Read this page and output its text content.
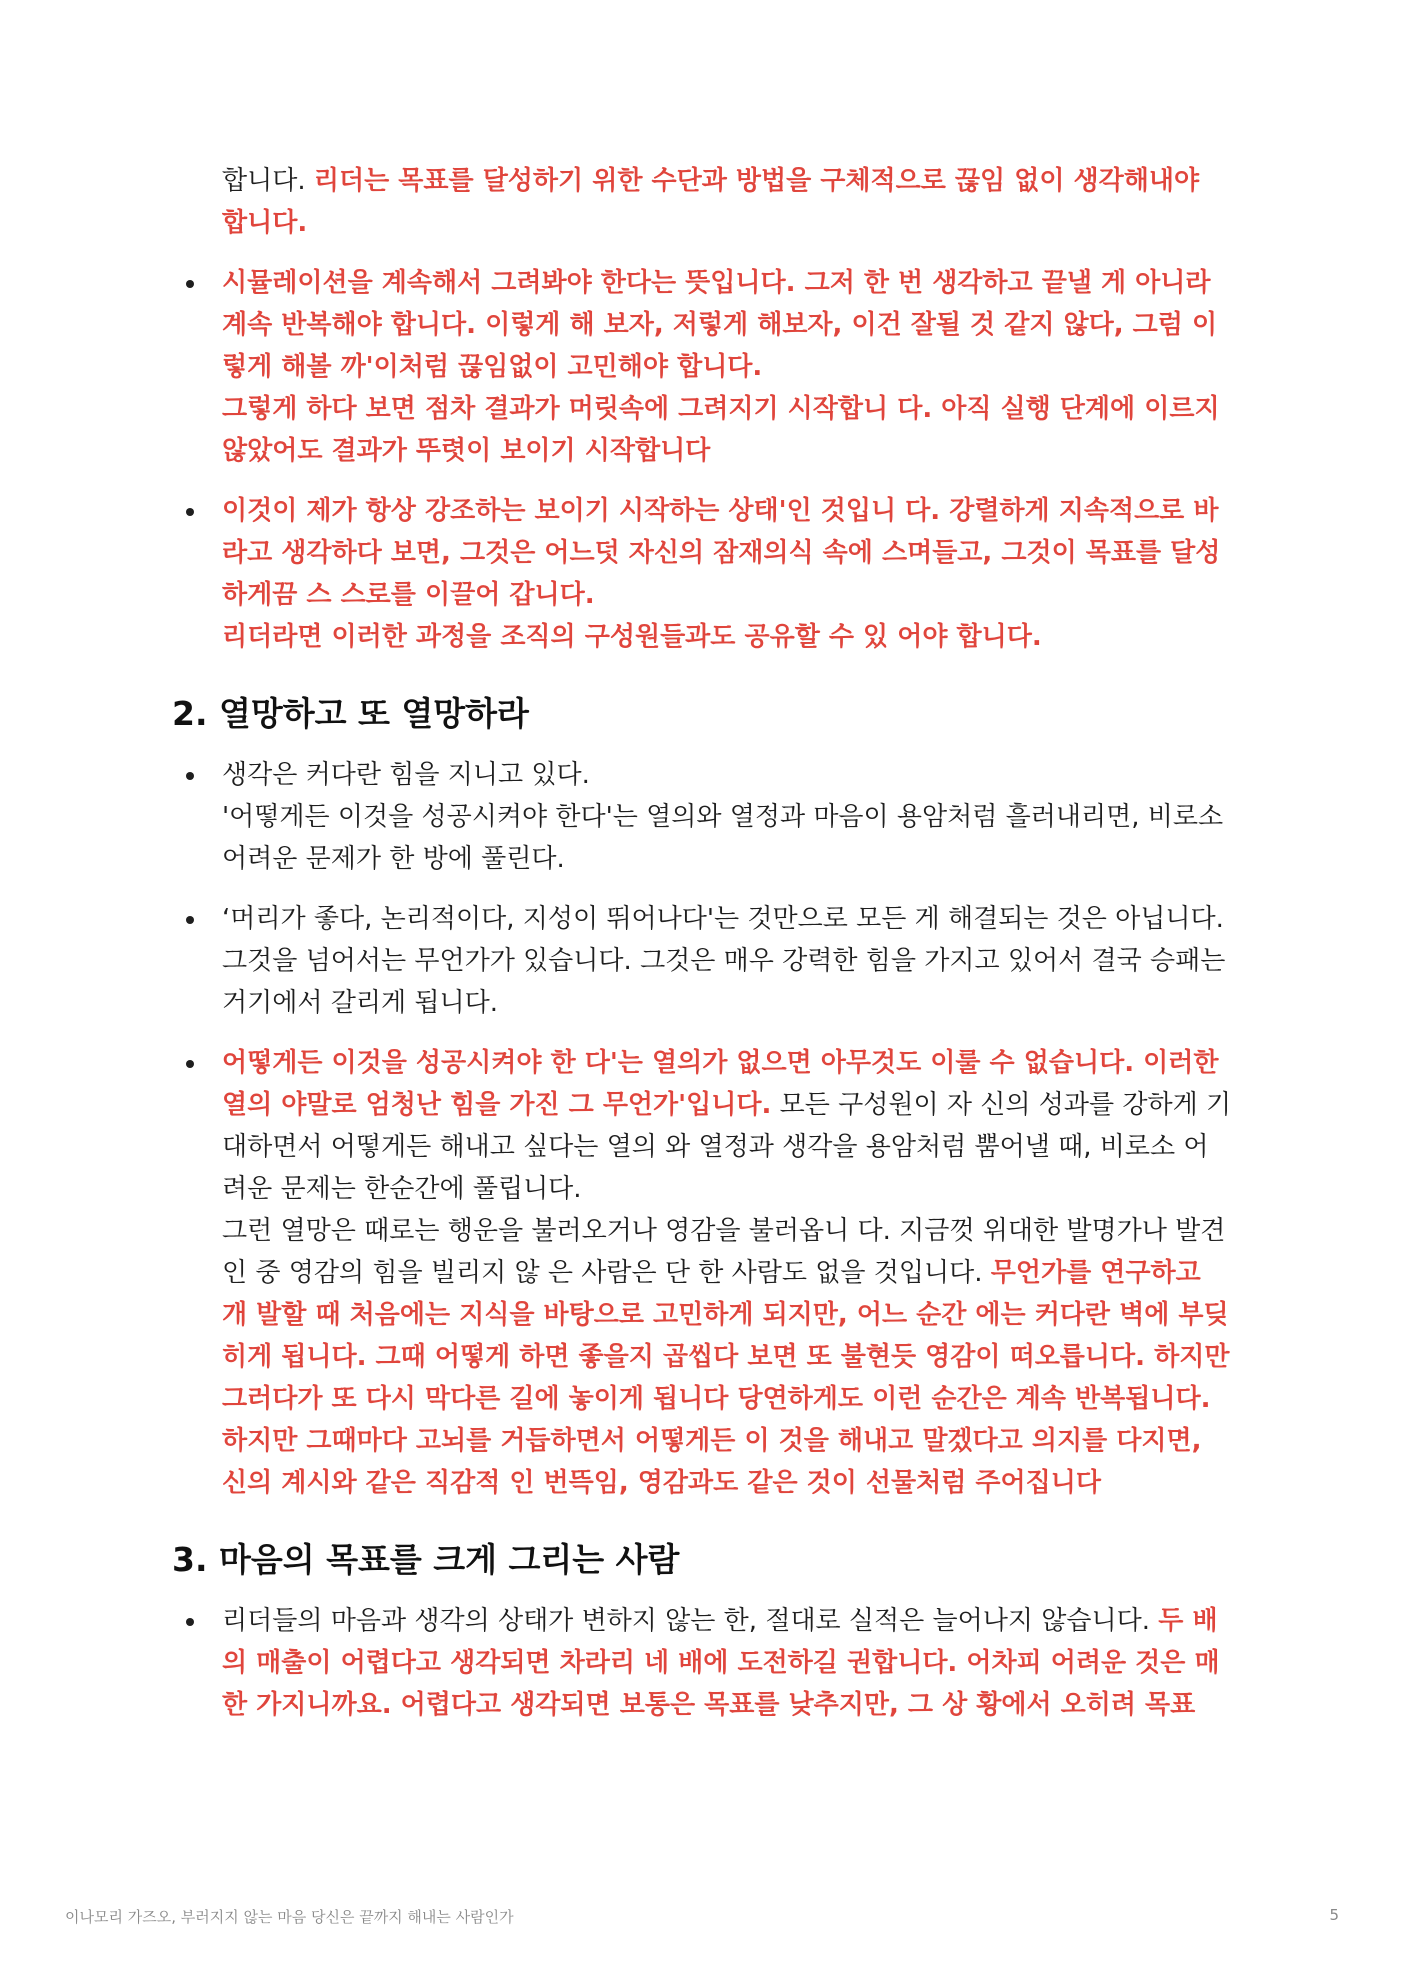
합니다. 리더는 목표를 달성하기 위한 수단과 방법을 구체적으로 끊임 없이 생각해내야 합니다.

시뮬레이션을 계속해서 그려봐야 한다는 뜻입니다. 그저 한 번 생각하고 끝낼 게 아니라 계속 반복해야 합니다. 이렇게 해 보자, 저렇게 해보자, 이건 잘될 것 같지 않다, 그럼 이렇게 해볼 까'이처럼 끊임없이 고민해야 합니다.
그렇게 하다 보면 점차 결과가 머릿속에 그려지기 시작합니 다. 아직 실행 단계에 이르지 않았어도 결과가 뚜렷이 보이기 시작합니다
이것이 제가 항상 강조하는 보이기 시작하는 상태'인 것입니 다. 강렬하게 지속적으로 바라고 생각하다 보면, 그것은 어느덧 자신의 잠재의식 속에 스며들고, 그것이 목표를 달성하게끔 스 스로를 이끌어 갑니다.
리더라면 이러한 과정을 조직의 구성원들과도 공유할 수 있 어야 합니다.
2. 열망하고 또 열망하라
생각은 커다란 힘을 지니고 있다.
'어떻게든 이것을 성공시켜야 한다'는 열의와 열정과 마음이 용암처럼 흘러내리면, 비로소 어려운 문제가 한 방에 풀린다.
‘머리가 좋다, 논리적이다, 지성이 뛰어나다'는 것만으로 모든 게 해결되는 것은 아닙니다. 그것을 넘어서는 무언가가 있습니다. 그것은 매우 강력한 힘을 가지고 있어서 결국 승패는 거기에서 갈리게 됩니다.
어떻게든 이것을 성공시켜야 한 다'는 열의가 없으면 아무것도 이룰 수 없습니다. 이러한 열의 야말로 엄청난 힘을 가진 그 무언가'입니다. 모든 구성원이 자 신의 성과를 강하게 기대하면서 어떻게든 해내고 싶다는 열의 와 열정과 생각을 용암처럼 뿜어낼 때, 비로소 어려운 문제는 한순간에 풀립니다.
그런 열망은 때로는 행운을 불러오거나 영감을 불러옵니 다. 지금껏 위대한 발명가나 발견인 중 영감의 힘을 빌리지 않 은 사람은 단 한 사람도 없을 것입니다. 무언가를 연구하고 개 발할 때 처음에는 지식을 바탕으로 고민하게 되지만, 어느 순간 에는 커다란 벽에 부딪히게 됩니다. 그때 어떻게 하면 좋을지 곱씹다 보면 또 불현듯 영감이 떠오릅니다. 하지만 그러다가 또 다시 막다른 길에 놓이게 됩니다 당연하게도 이런 순간은 계속 반복됩니다. 하지만 그때마다 고뇌를 거듭하면서 어떻게든 이 것을 해내고 말겠다고 의지를 다지면, 신의 계시와 같은 직감적 인 번뜩임, 영감과도 같은 것이 선물처럼 주어집니다
3. 마음의 목표를 크게 그리는 사람
리더들의 마음과 생각의 상태가 변하지 않는 한, 절대로 실적은 늘어나지 않습니다. 두 배의 매출이 어렵다고 생각되면 차라리 네 배에 도전하길 권합니다. 어차피 어려운 것은 매 한 가지니까요. 어렵다고 생각되면 보통은 목표를 낮추지만, 그 상 황에서 오히려 목표
이나모리 가즈오, 부러지지 않는 마음 당신은 끝까지 해내는 사람인가	5
